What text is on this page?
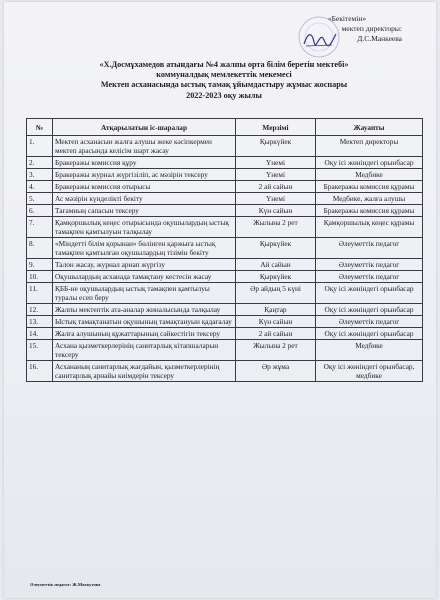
«Бекітемін»
мектеп директоры:
Д.С.Манкеева
«Х.Досмұхамедов атындағы №4 жалпы орта білім беретін мектебі»
коммуналдық мемлекеттік мекемесі
Мектеп асханасында ыстық тамақ ұйымдастыру жұмыс жоспары
2022-2023 оқу жылы
№	Атқарылатын іс-шаралар	Мерзімі	Жауапты
1.	Мектеп асханасын жалға алушы жеке кәсіпкермен мектеп арасында келісім шарт жасау	Қыркүйек	Мектеп директоры
2.	Бракеражы комиссия құру	Үнемі	Оқу ісі жөніндегі орынбасар
3.	Бракеражы журнал жүргізіліп, ас мәзірін тексеру	Үнемі	Медбике
4.	Бракеражы комиссия отырысы	2 ай сайын	Бракеражы комиссия құрамы
5.	Ас мәзірін күнделікті бекіту	Үнемі	Медбике, жалға алушы
6.	Тағамның сапасын тексеру	Күн сайын	Бракеражы комиссия құрамы
7.	Қамқоршылық кеңес отырысында оқушылардың ыстық тамақпен қамтылуын талқылау	Жылына 2 рет	Қамқоршылық кеңес құрамы
8.	«Міндетті білім қорынан» бөлінген қаржыға ыстық тамақпен қамтылған оқушылардың тізімін бекіту	Қыркүйек	Әлеуметтік педагог
9.	Талон жасау, журнал арнап жүргізу	Ай сайын	Әлеуметтік педагог
10.	Оқушылардың асханада тамақтану кестесін жасау	Қыркүйек	Әлеуметтік педагог
11.	ҚББ-не оқушылардың ыстық тамақпен қамтылуы туралы есеп беру	Әр айдың 5 күні	Оқу ісі жөніндегі орынбасар
12.	Жалпы мектептік ата-аналар жиналысында талқылау	Қаңтар	Оқу ісі жөніндегі орынбасар
13.	Ыстық тамақтанатын оқушының тамақтануын қадағалау	Күн сайын	Әлеуметтік педагог
14.	Жалға алушының құжаттарының сәйкестігін тексеру	2 ай сайын	Оқу ісі жөніндегі орынбасар
15.	Асхана қызметкерлерінің санитарлық кітапшаларын тексеру	Жылына 2 рет	Медбике
16.	Асхананың санитарлық жағдайын, қызметкерлерінің санитарлық арнайы киімдерін тексеру	Әр жұма	Оқу ісі жөніндегі орынбасар, медбике
Әлеуметтік педагог: Ж.Махкутова
